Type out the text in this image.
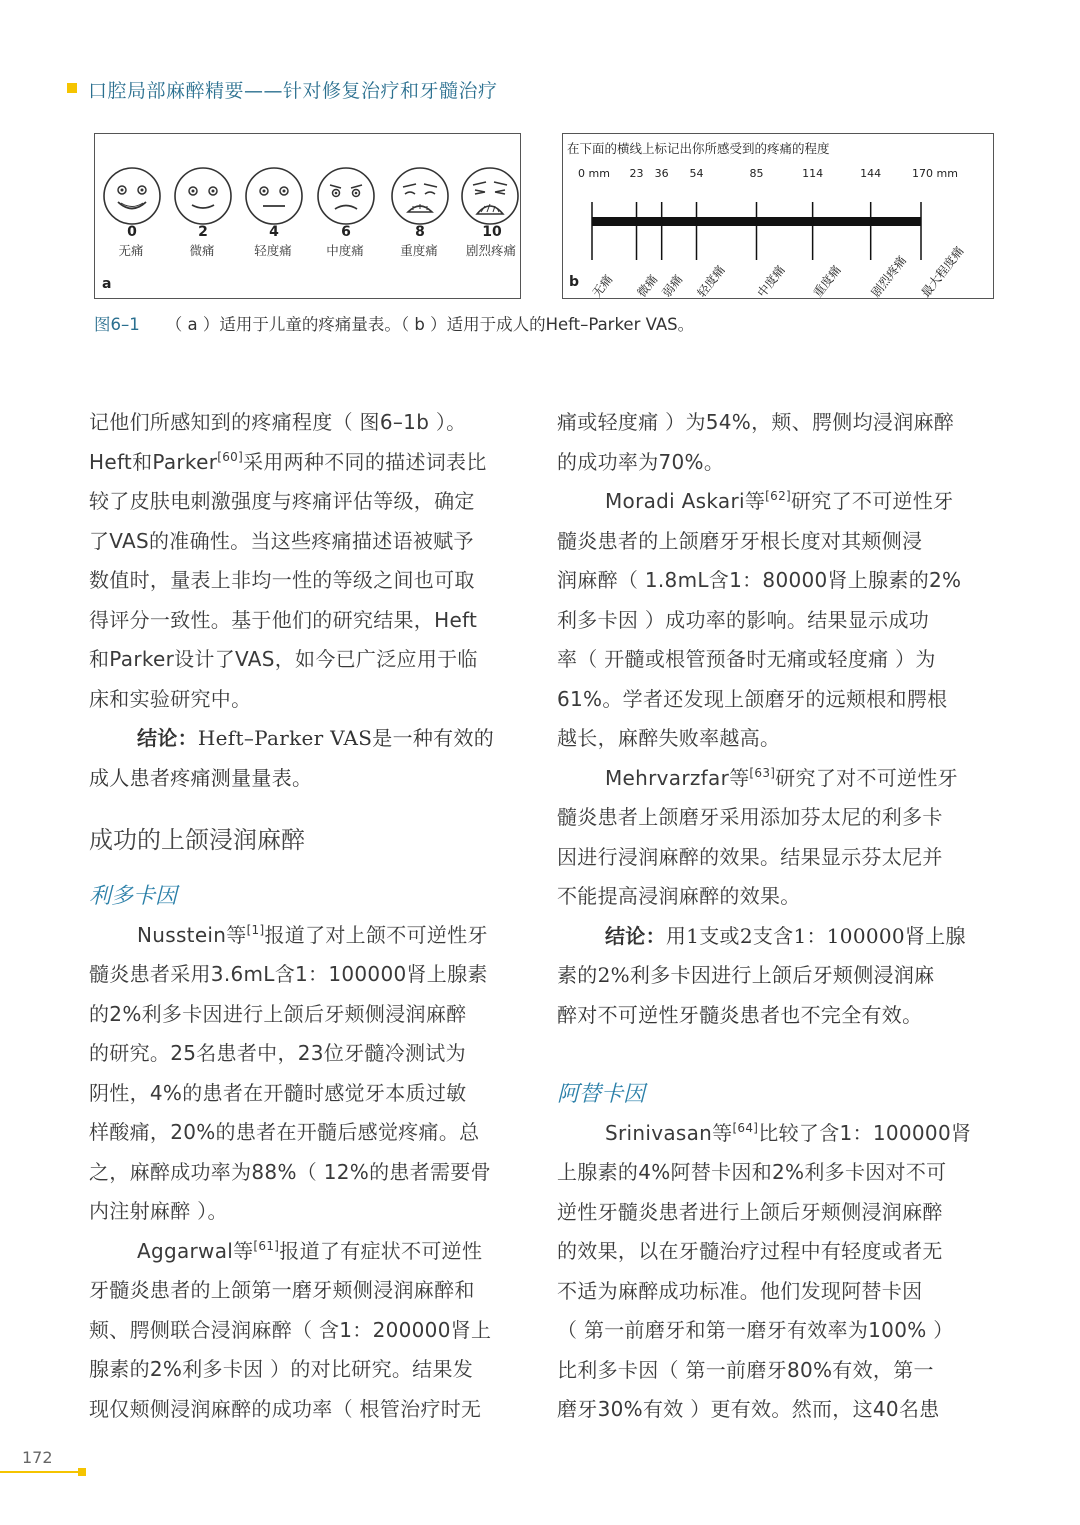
口腔局部麻醉精要——针对修复治疗和牙髓治疗
0
无痛
2
微痛
4
轻度痛
6
中度痛
8
重度痛
10
剧烈疼痛
a
在下面的横线上标记出你所感受到的疼痛的程度
b
0 mm 23 36 54	85	114	144	170 mm
无痛 微痛 弱痛 轻度痛 中度痛 重度痛 剧烈疼痛 最大程度痛
图6–1 （ a ）适用于儿童的疼痛量表。（ b ）适用于成人的Heft–Parker VAS。
记他们所感知到的疼痛程度（ 图6–1b ）。
Heft和Parker[60]采用两种不同的描述词表比
较了皮肤电刺激强度与疼痛评估等级，确定
了VAS的准确性。当这些疼痛描述语被赋予
数值时，量表上非均一性的等级之间也可取
得评分一致性。基于他们的研究结果，Heft
和Parker设计了VAS，如今已广泛应用于临
床和实验研究中。
结论：Heft–Parker VAS是一种有效的
成人患者疼痛测量量表。
成功的上颌浸润麻醉
利多卡因
Nusstein等[1]报道了对上颌不可逆性牙
髓炎患者采用3.6mL含1：100000肾上腺素
的2%利多卡因进行上颌后牙颊侧浸润麻醉
的研究。25名患者中，23位牙髓冷测试为
阴性，4%的患者在开髓时感觉牙本质过敏
样酸痛，20%的患者在开髓后感觉疼痛。总
之，麻醉成功率为88%（ 12%的患者需要骨
内注射麻醉 ）。
Aggarwal等[61]报道了有症状不可逆性
牙髓炎患者的上颌第一磨牙颊侧浸润麻醉和
颊、腭侧联合浸润麻醉（ 含1：200000肾上
腺素的2%利多卡因 ）的对比研究。结果发
现仅颊侧浸润麻醉的成功率（ 根管治疗时无
痛或轻度痛 ）为54%，颊、腭侧均浸润麻醉
的成功率为70%。
Moradi Askari等[62]研究了不可逆性牙
髓炎患者的上颌磨牙牙根长度对其颊侧浸
润麻醉（ 1.8mL含1：80000肾上腺素的2%
利多卡因 ）成功率的影响。结果显示成功
率（ 开髓或根管预备时无痛或轻度痛 ）为
61%。学者还发现上颌磨牙的远颊根和腭根
越长，麻醉失败率越高。
Mehrvarzfar等[63]研究了对不可逆性牙
髓炎患者上颌磨牙采用添加芬太尼的利多卡
因进行浸润麻醉的效果。结果显示芬太尼并
不能提高浸润麻醉的效果。
结论：用1支或2支含1：100000肾上腺
素的2%利多卡因进行上颌后牙颊侧浸润麻
醉对不可逆性牙髓炎患者也不完全有效。
阿替卡因
Srinivasan等[64]比较了含1：100000肾
上腺素的4%阿替卡因和2%利多卡因对不可
逆性牙髓炎患者进行上颌后牙颊侧浸润麻醉
的效果，以在牙髓治疗过程中有轻度或者无
不适为麻醉成功标准。他们发现阿替卡因
（ 第一前磨牙和第一磨牙有效率为100% ）
比利多卡因（ 第一前磨牙80%有效，第一
磨牙30%有效 ）更有效。然而，这40名患
172
